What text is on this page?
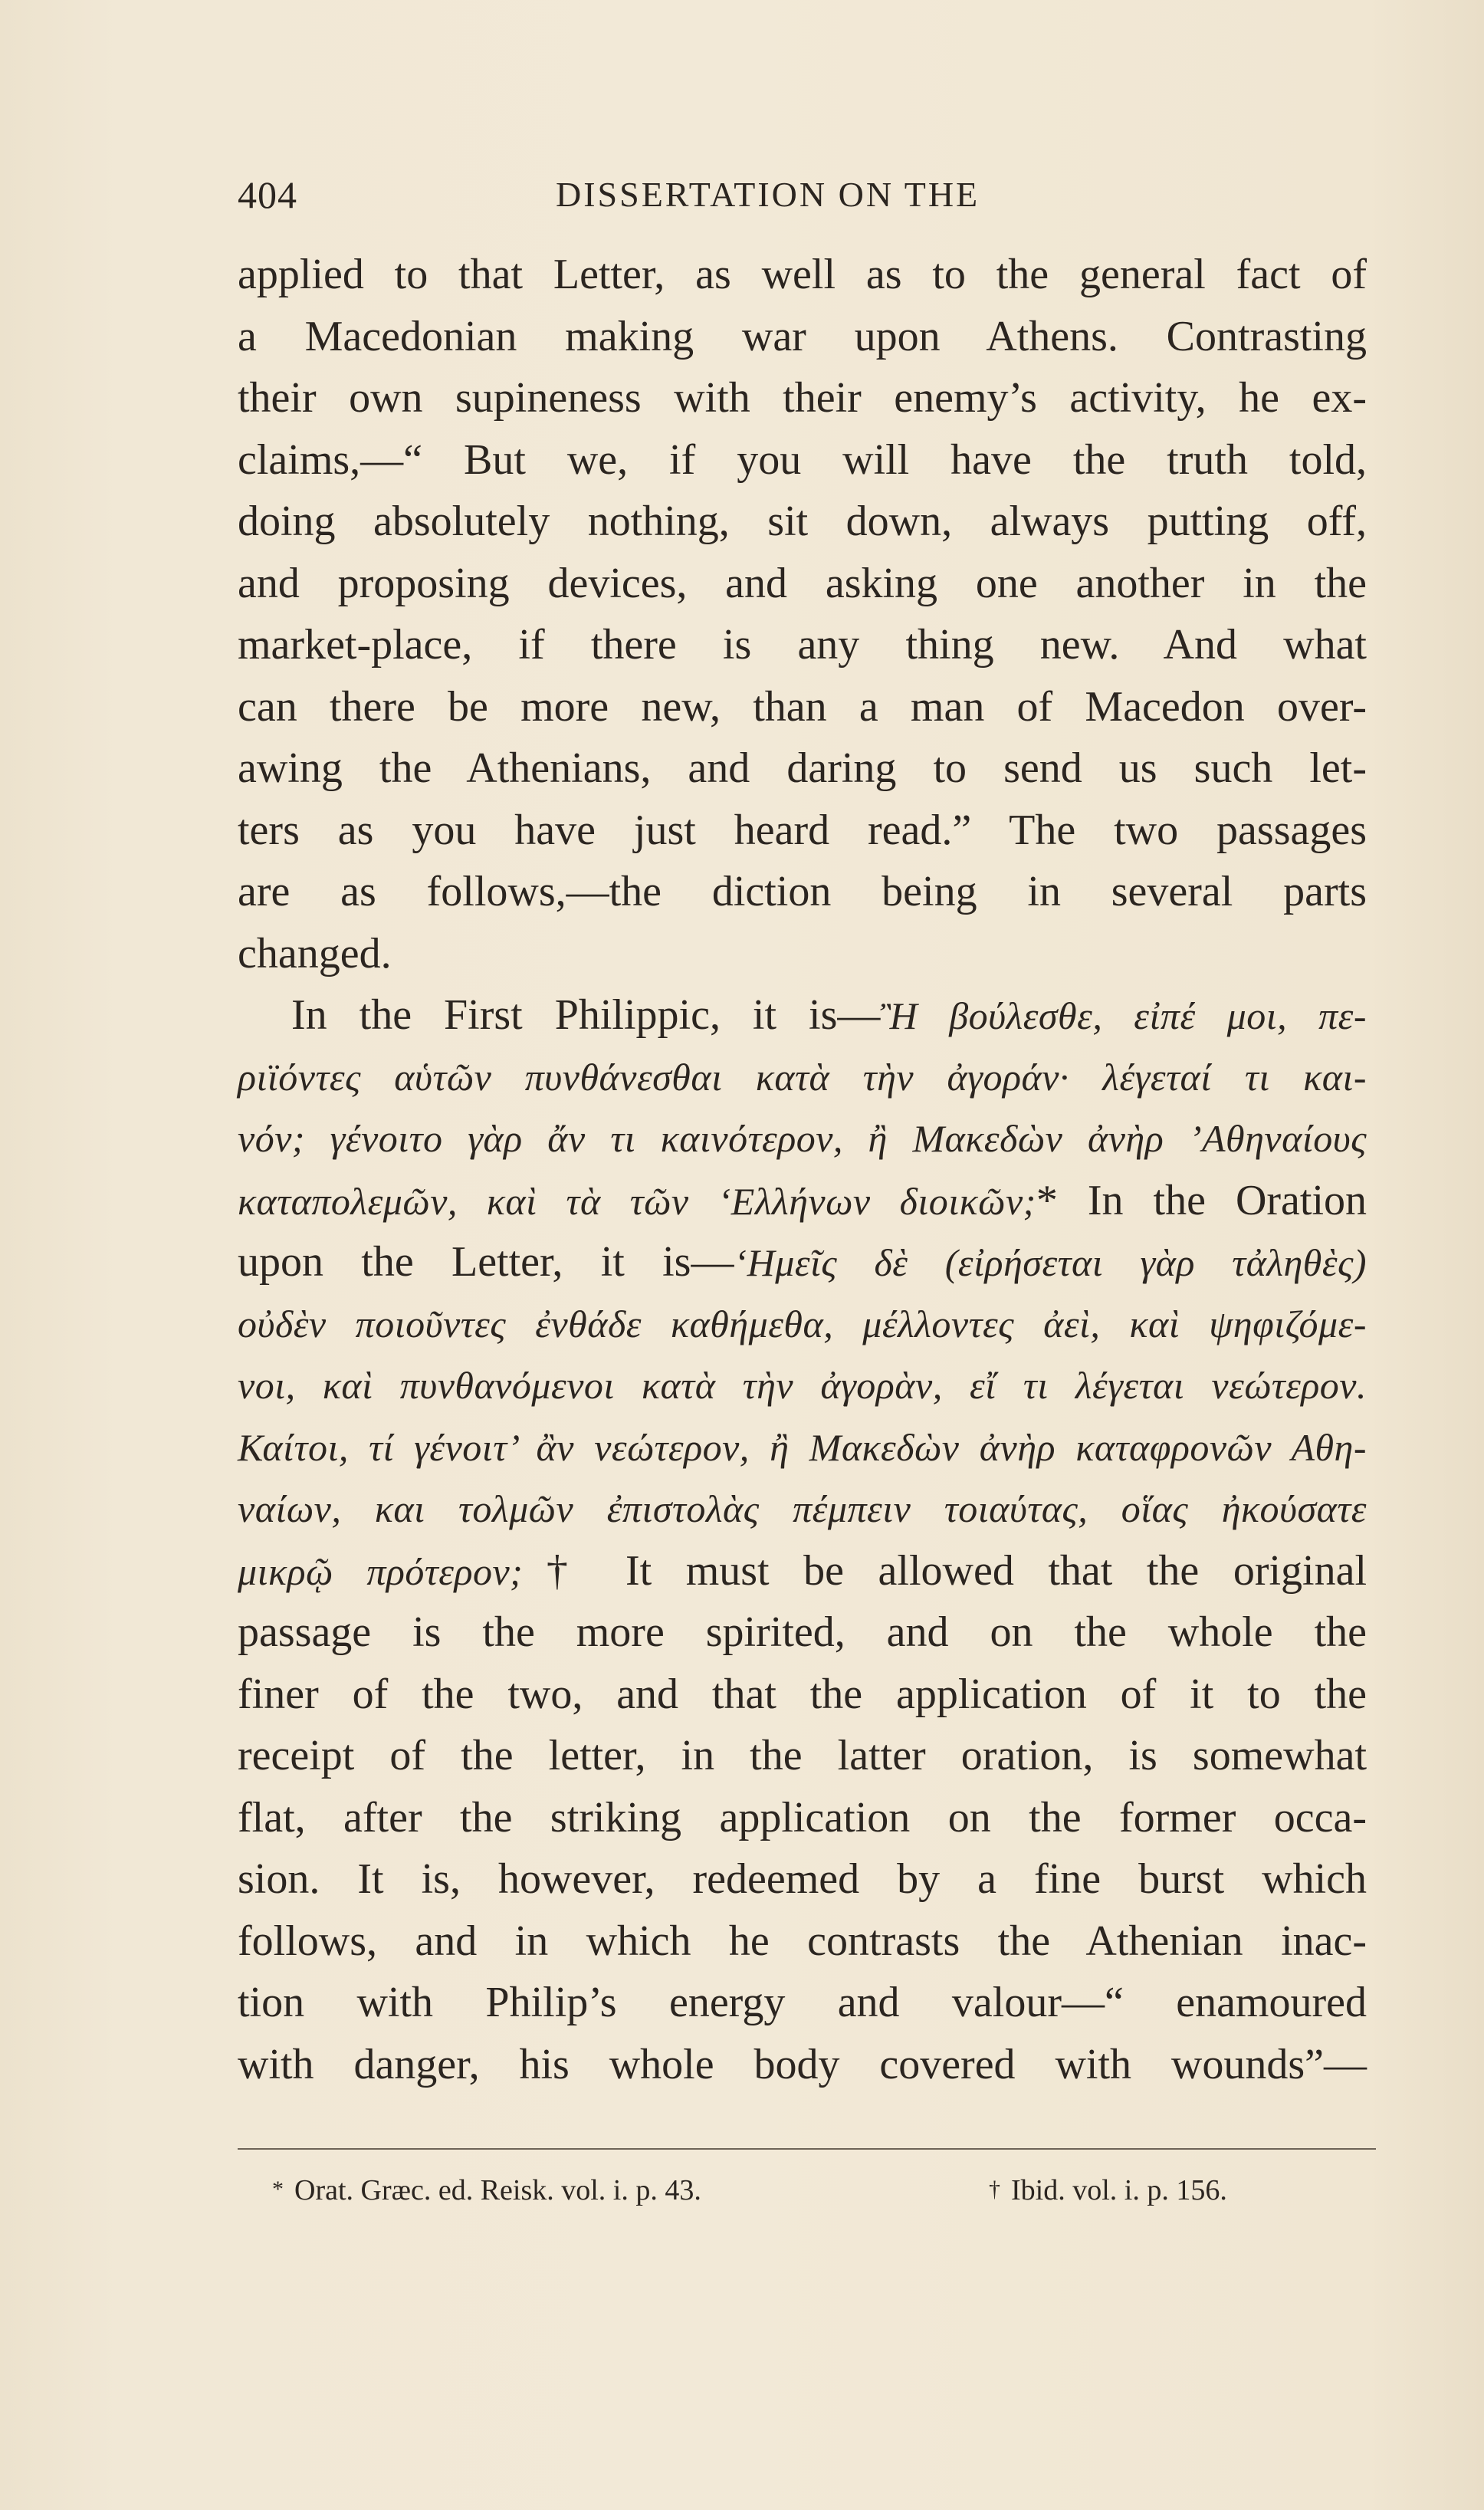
404	DISSERTATION ON THE
applied to that Letter, as well as to the general fact of
a Macedonian making war upon Athens. Contrasting
their own supineness with their enemy’s activity, he ex-
claims,—“ But we, if you will have the truth told,
doing absolutely nothing, sit down, always putting off,
and proposing devices, and asking one another in the
market-place, if there is any thing new. And what
can there be more new, than a man of Macedon over-
awing the Athenians, and daring to send us such let-
ters as you have just heard read.” The two passages
are as follows,—the diction being in several parts
changed.
In the First Philippic, it is—Ἢ βούλεσθε, εἰπέ μοι, πε-
ριϊόντες αὑτῶν πυνθάνεσθαι κατὰ τὴν ἀγοράν· λέγεταί τι και-
νόν; γένοιτο γὰρ ἄν τι καινότερον, ἢ Μακεδὼν ἀνὴρ ’Αθηναίους
καταπολεμῶν, καὶ τὰ τῶν ‘Ελλήνων διοικῶν;* In the Oration
upon the Letter, it is—‘Ημεῖς δὲ (εἰρήσεται γὰρ τἀληθὲς)
οὐδὲν ποιοῦντες ἐνθάδε καθήμεθα, μέλλοντες ἀεὶ, καὶ ψηφιζόμε-
νοι, καὶ πυνθανόμενοι κατὰ τὴν ἀγορὰν, εἴ τι λέγεται νεώτερον.
Καίτοι, τί γένοιτ’ ἂν νεώτερον, ἢ Μακεδὼν ἀνὴρ καταφρονῶν Αθη-
ναίων, και τολμῶν ἐπιστολὰς πέμπειν τοιαύτας, οἵας ἠκούσατε
μικρῷ πρότερον;† It must be allowed that the original
passage is the more spirited, and on the whole the
finer of the two, and that the application of it to the
receipt of the letter, in the latter oration, is somewhat
flat, after the striking application on the former occa-
sion. It is, however, redeemed by a fine burst which
follows, and in which he contrasts the Athenian inac-
tion with Philip’s energy and valour—“ enamoured
with danger, his whole body covered with wounds”—
* Orat. Græc. ed. Reisk. vol. i. p. 43.	† Ibid. vol. i. p. 156.
